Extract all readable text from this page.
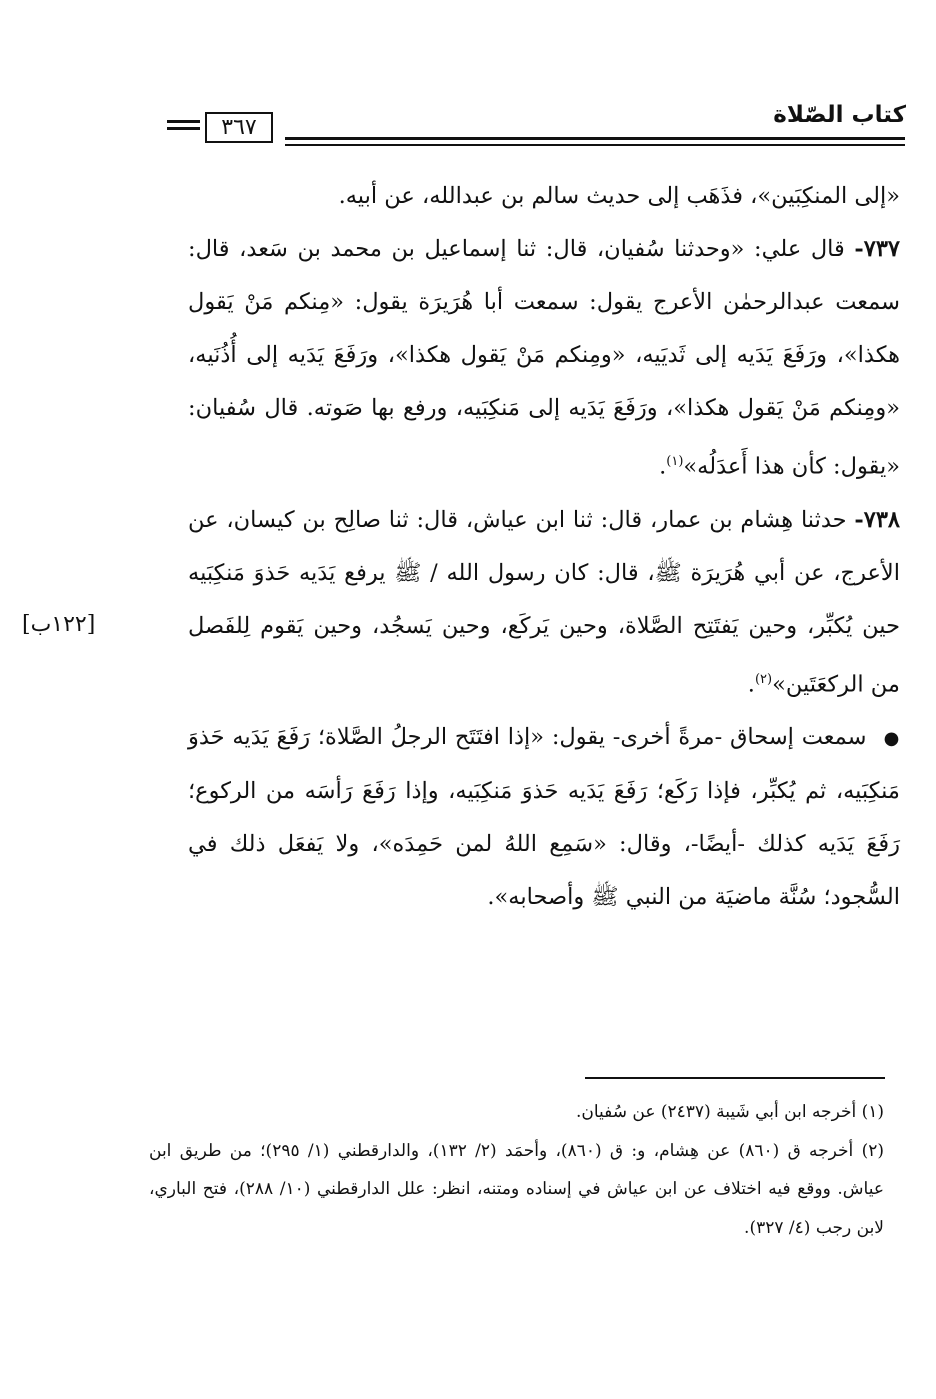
كتاب الصّلاة
٣٦٧
[١٢٢ب]

«إلى المنكِبَين»، فذَهَب إلى حديث سالم بن عبدالله، عن أبيه.

٧٣٧- قال علي: «وحدثنا سُفيان، قال: ثنا إسماعيل بن محمد بن سَعد، قال: سمعت عبدالرحمٰن الأعرج يقول: سمعت أبا هُرَيرَة يقول: «مِنكم مَنْ يَقول هكذا»، ورَفَعَ يَدَيه إلى ثَديَيه، «ومِنكم مَنْ يَقول هكذا»، ورَفَعَ يَدَيه إلى أُذُنَيه، «ومِنكم مَنْ يَقول هكذا»، ورَفَعَ يَدَيه إلى مَنكِبَيه، ورفع بها صَوته. قال سُفيان: «يقول: كأن هذا أَعدَلُه»$^{(١)}$.

٧٣٨- حدثنا هِشام بن عمار، قال: ثنا ابن عياش، قال: ثنا صالِح بن كيسان، عن الأعرج، عن أبي هُرَيرَة ﷺ، قال: كان رسول الله / ﷺ يرفع يَدَيه حَذوَ مَنكِبَيه حين يُكبِّر، وحين يَفتَتِح الصَّلاة، وحين يَركَع، وحين يَسجُد، وحين يَقوم لِلفَصل من الركعَتَين»$^{(٢)}$.

● سمعت إسحاق -مرةً أخرى- يقول: «إذا افتَتَح الرجلُ الصَّلاة؛ رَفَعَ يَدَيه حَذوَ مَنكِبَيه، ثم يُكبِّر، فإذا رَكَع؛ رَفَعَ يَدَيه حَذوَ مَنكِبَيه، وإذا رَفَعَ رَأسَه من الركوع؛ رَفَعَ يَدَيه كذلك -أيضًا-، وقال: «سَمِع اللهُ لمن حَمِدَه»، ولا يَفعَل ذلك في السُّجود؛ سُنَّة ماضيَة من النبي ﷺ وأصحابه».

(١) أخرجه ابن أبي شَيبة (٢٤٣٧) عن سُفيان.

(٢) أخرجه ق (٨٦٠) عن هِشام، و: ق (٨٦٠)، وأحمَد (٢/ ١٣٢)، والدارقطني (١/ ٢٩٥)؛ من طريق ابن عياش. ووقع فيه اختلاف عن ابن عياش في إسناده ومتنه، انظر: علل الدارقطني (١٠/ ٢٨٨)، فتح الباري، لابن رجب (٤/ ٣٢٧).
